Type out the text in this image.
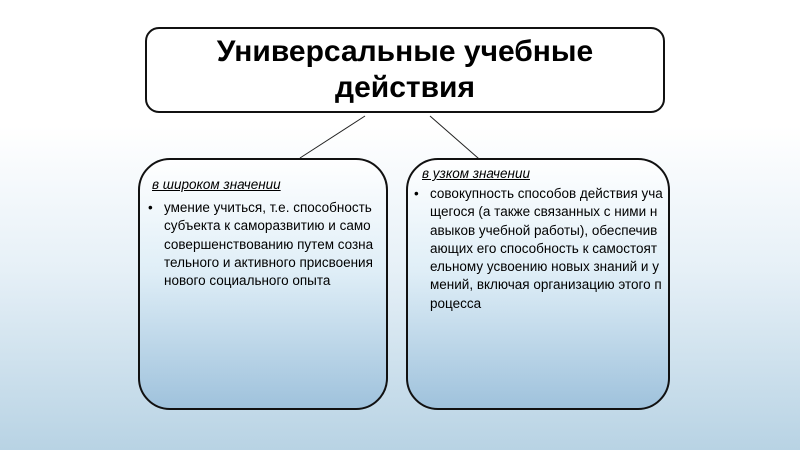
Универсальные учебные действия
в широком значении
• умение учиться, т.е. способность субъекта к саморазвитию и самосовершенствованию путем сознательного и активного присвоения нового социального опыта
в узком значении
• совокупность способов действия учащегося (а также связанных с ними навыков учебной работы), обеспечивающих его способность к самостоятельному усвоению новых знаний и умений, включая организацию этого процесса
